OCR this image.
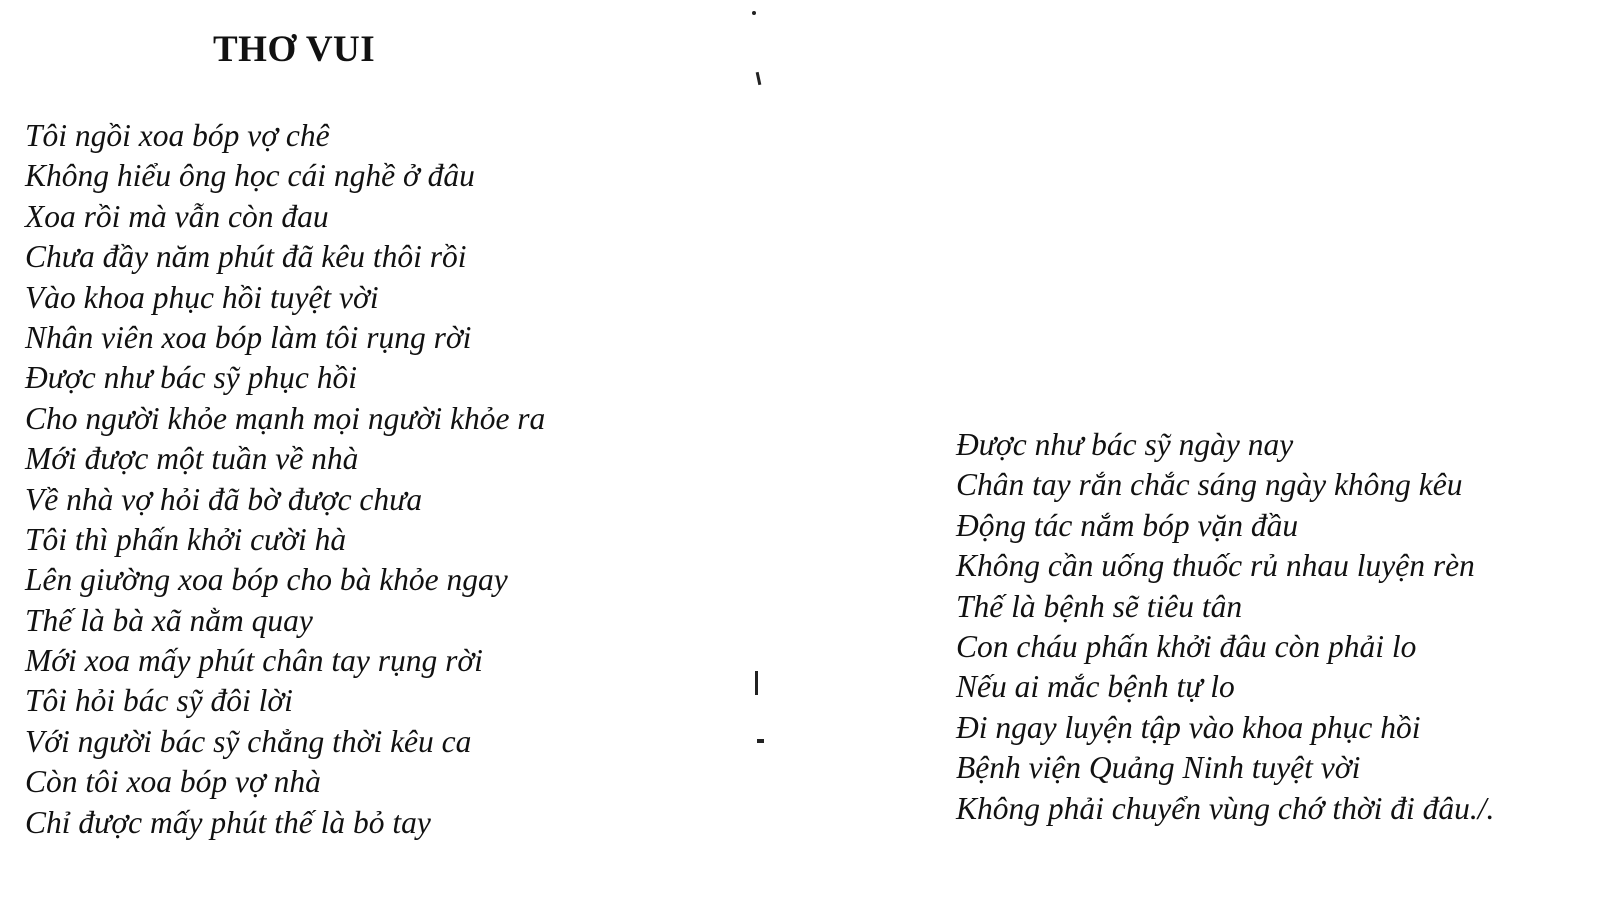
THƠ VUI
Tôi ngồi xoa bóp vợ chê
Không hiểu ông học cái nghề ở đâu
Xoa rồi mà vẫn còn đau
Chưa đầy năm phút đã kêu thôi rồi
Vào khoa phục hồi tuyệt vời
Nhân viên xoa bóp làm tôi rụng rời
Được như bác sỹ phục hồi
Cho người khỏe mạnh mọi người khỏe ra
Mới được một tuần về nhà
Về nhà vợ hỏi đã bờ được chưa
Tôi thì phấn khởi cười hà
Lên giường xoa bóp cho bà khỏe ngay
Thế là bà xã nằm quay
Mới xoa mấy phút chân tay rụng rời
Tôi hỏi bác sỹ đôi lời
Với người bác sỹ chẳng thời kêu ca
Còn tôi xoa bóp vợ nhà
Chỉ được mấy phút thế là bỏ tay
Được như bác sỹ ngày nay
Chân tay rắn chắc sáng ngày không kêu
Động tác nắm bóp vặn đầu
Không cần uống thuốc rủ nhau luyện rèn
Thế là bệnh sẽ tiêu tân
Con cháu phấn khởi đâu còn phải lo
Nếu ai mắc bệnh tự lo
Đi ngay luyện tập vào khoa phục hồi
Bệnh viện Quảng Ninh tuyệt vời
Không phải chuyển vùng chớ thời đi đâu./.
